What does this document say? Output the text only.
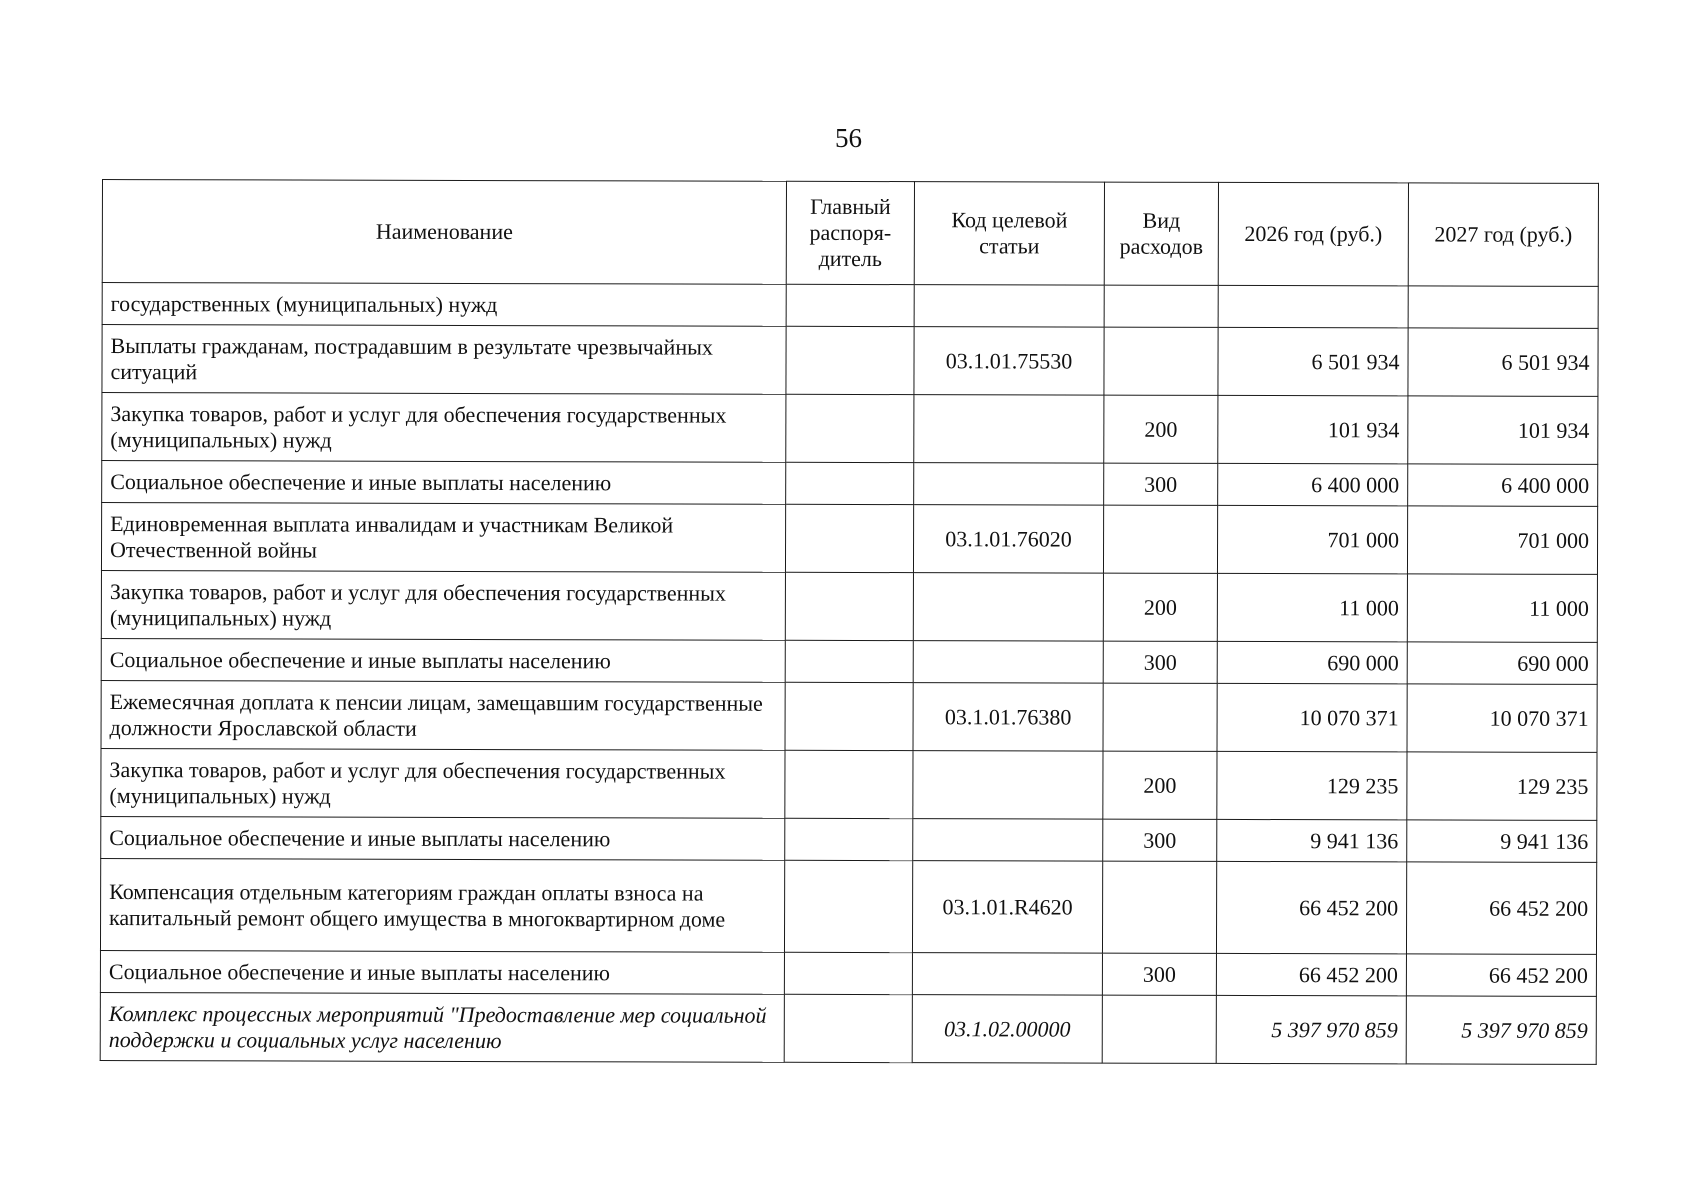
56
Наименование	Главный распоря-дитель	Код целевой статьи	Вид расходов	2026 год (руб.)	2027 год (руб.)
государственных (муниципальных) нужд					
Выплаты гражданам, пострадавшим в результате чрезвычайных ситуаций		03.1.01.75530		6 501 934	6 501 934
Закупка товаров, работ и услуг для обеспечения государственных (муниципальных) нужд			200	101 934	101 934
Социальное обеспечение и иные выплаты населению			300	6 400 000	6 400 000
Единовременная выплата инвалидам и участникам Великой Отечественной войны		03.1.01.76020		701 000	701 000
Закупка товаров, работ и услуг для обеспечения государственных (муниципальных) нужд			200	11 000	11 000
Социальное обеспечение и иные выплаты населению			300	690 000	690 000
Ежемесячная доплата к пенсии лицам, замещавшим государственные должности Ярославской области		03.1.01.76380		10 070 371	10 070 371
Закупка товаров, работ и услуг для обеспечения государственных (муниципальных) нужд			200	129 235	129 235
Социальное обеспечение и иные выплаты населению			300	9 941 136	9 941 136
Компенсация отдельным категориям граждан оплаты взноса на капитальный ремонт общего имущества в многоквартирном доме		03.1.01.R4620		66 452 200	66 452 200
Социальное обеспечение и иные выплаты населению			300	66 452 200	66 452 200
Комплекс процессных мероприятий "Предоставление мер социальной поддержки и социальных услуг населению		03.1.02.00000		5 397 970 859	5 397 970 859
